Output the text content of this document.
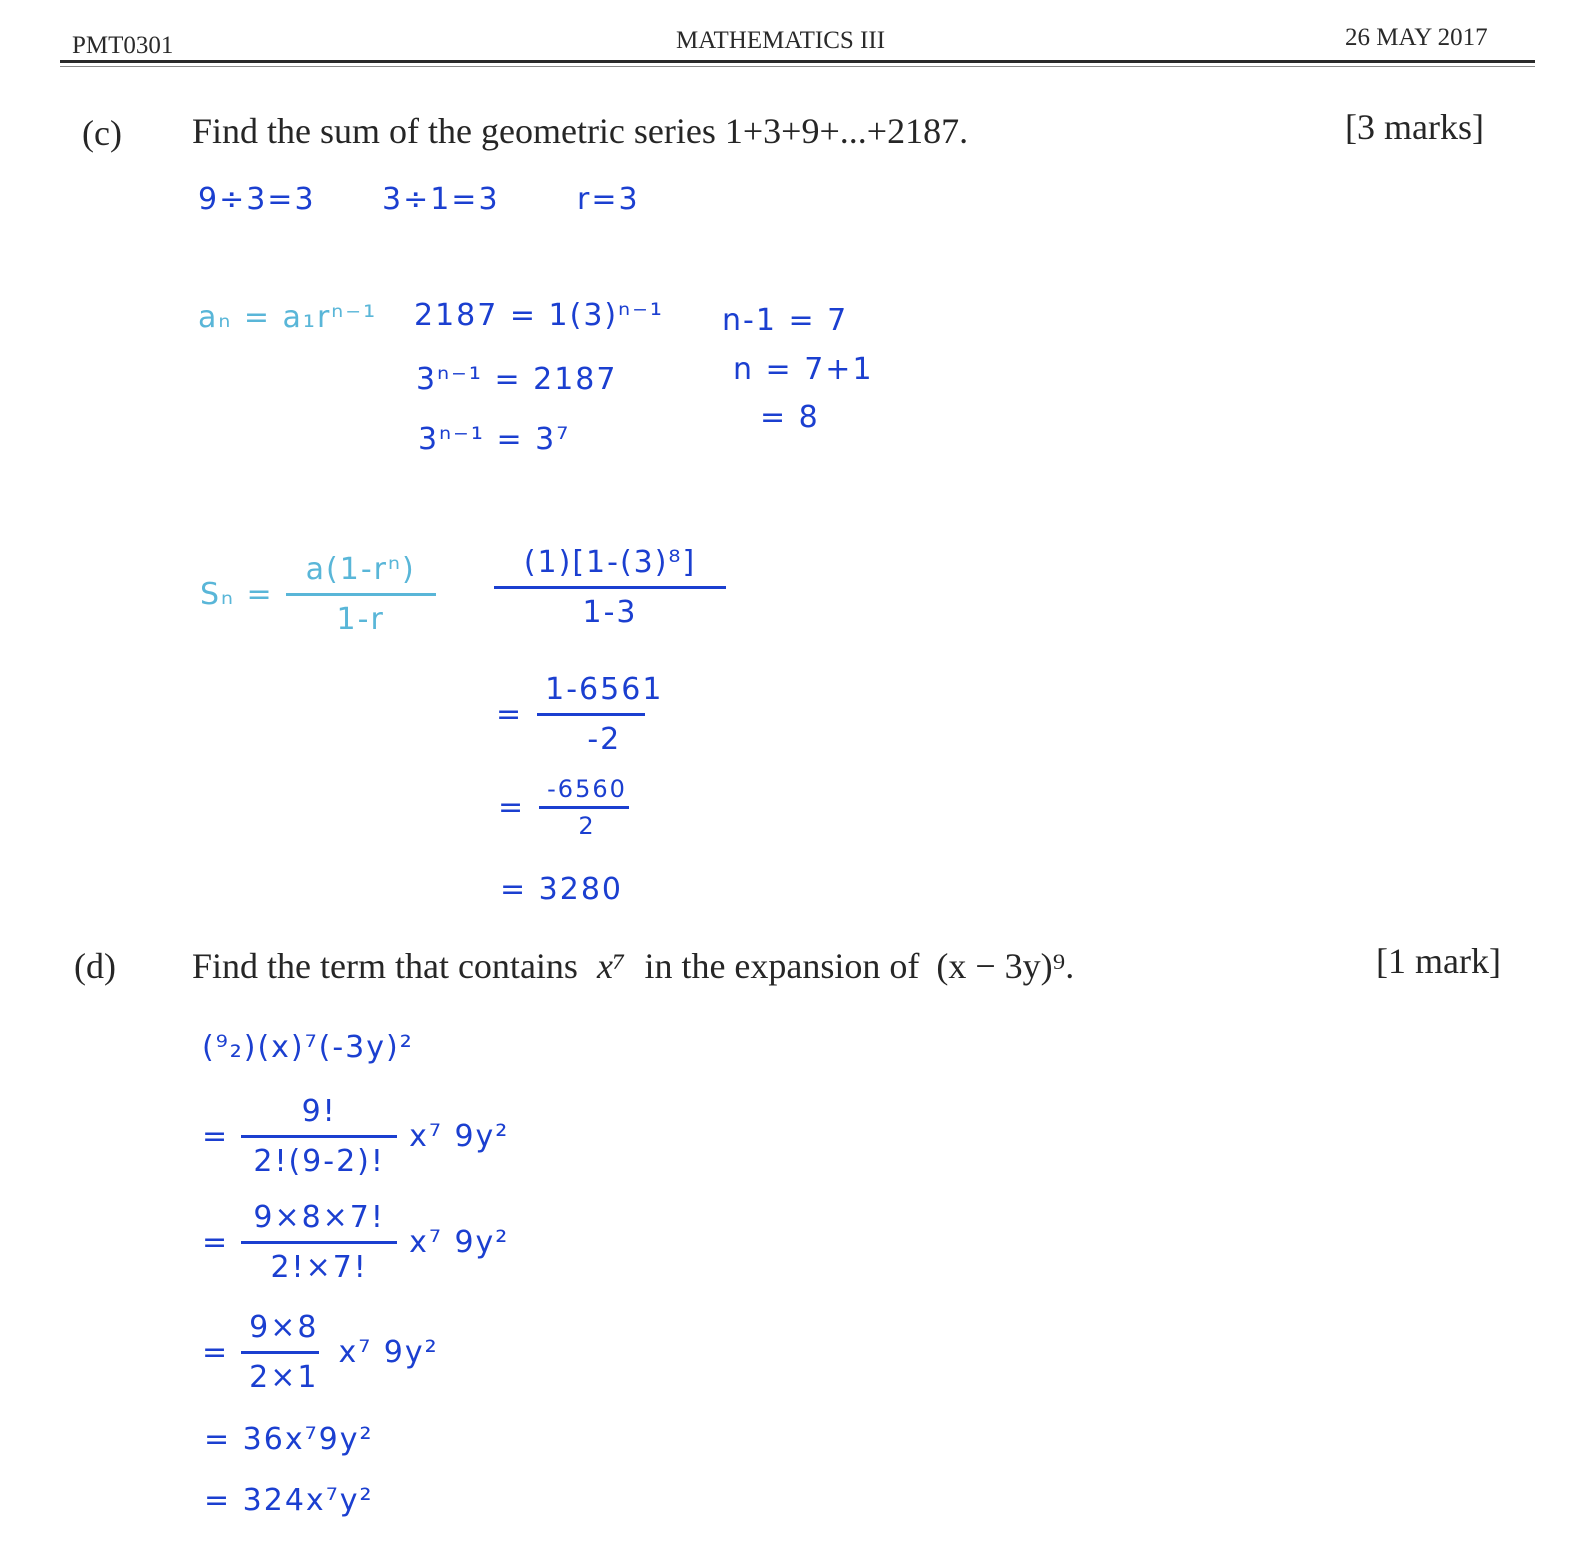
PMT0301	MATHEMATICS III	26 MAY 2017
(c) Find the sum of the geometric series 1+3+9+...+2187.	[3 marks]
9÷3=3 3÷1=3	r=3
aₙ = a₁rⁿ⁻¹ 2187 = 1(3)ⁿ⁻¹
3ⁿ⁻¹ = 2187
3ⁿ⁻¹ = 3⁷
n-1 = 7
n = 7+1
= 8
$S_n = \frac{\text{a(1-rⁿ)}}{1-r} \frac{\text{(1)[1-(3)⁸]}}{1-3}$
= $\frac{1-6561}{-2}$
= $\frac{-6560}{2}$
= 3280
(d) Find the term that contains x⁷ in the expansion of (x − 3y)⁹.	[1 mark]
(⁹₂)(x)⁷(-3y)²
= $\frac{9!}{2!(9-2)!} x^7$ 9y²
= $\frac{9\times 8\times 7!}{2!\times 7!} x^7$ 9y²
= $\frac{9\times 8}{2\times 1} x^7$ 9y²
= 36x⁷9y²
= 324x⁷y²
